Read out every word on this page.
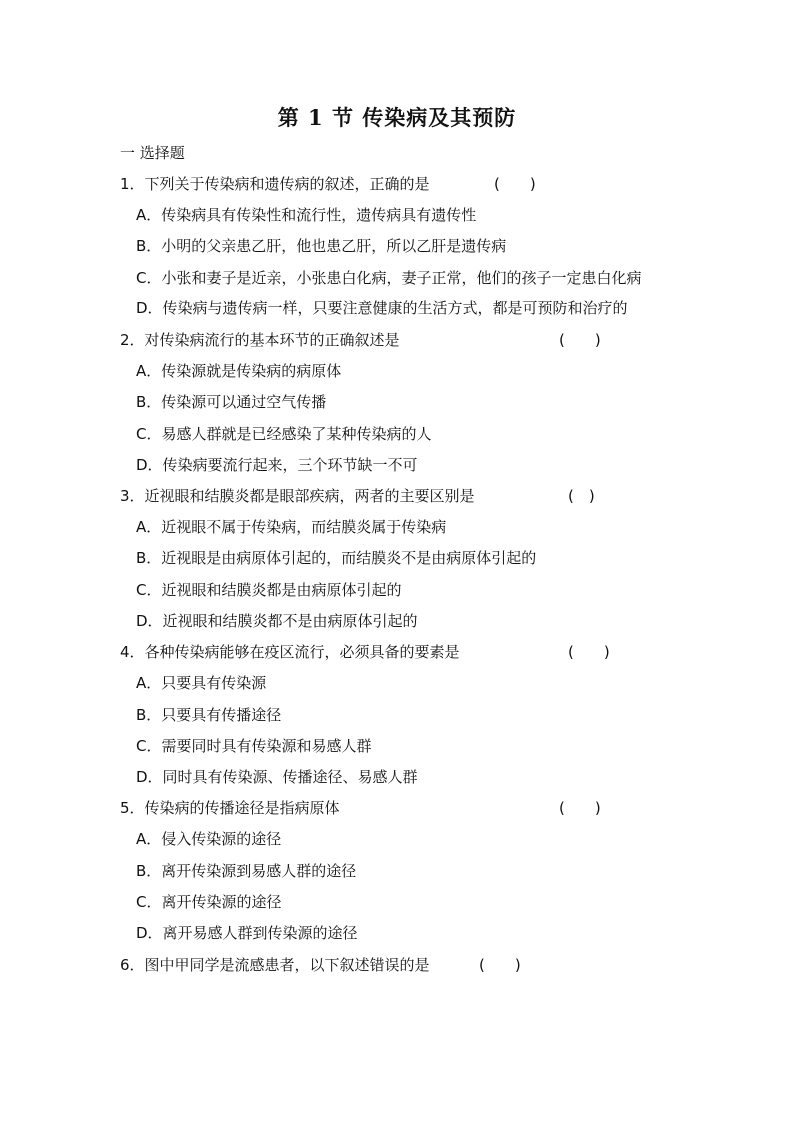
第 1 节 传染病及其预防
一 选择题
1．下列关于传染病和遗传病的叙述，正确的是	(　　)
A．传染病具有传染性和流行性，遗传病具有遗传性
B．小明的父亲患乙肝，他也患乙肝，所以乙肝是遗传病
C．小张和妻子是近亲，小张患白化病，妻子正常，他们的孩子一定患白化病
D．传染病与遗传病一样，只要注意健康的生活方式，都是可预防和治疗的
2．对传染病流行的基本环节的正确叙述是	(　　)
A．传染源就是传染病的病原体
B．传染源可以通过空气传播
C．易感人群就是已经感染了某种传染病的人
D．传染病要流行起来，三个环节缺一不可
3．近视眼和结膜炎都是眼部疾病，两者的主要区别是	(　)
A．近视眼不属于传染病，而结膜炎属于传染病
B．近视眼是由病原体引起的，而结膜炎不是由病原体引起的
C．近视眼和结膜炎都是由病原体引起的
D．近视眼和结膜炎都不是由病原体引起的
4．各种传染病能够在疫区流行，必须具备的要素是	(　　)
A．只要具有传染源
B．只要具有传播途径
C．需要同时具有传染源和易感人群
D．同时具有传染源、传播途径、易感人群
5．传染病的传播途径是指病原体	(　　)
A．侵入传染源的途径
B．离开传染源到易感人群的途径
C．离开传染源的途径
D．离开易感人群到传染源的途径
6．图中甲同学是流感患者，以下叙述错误的是	(　　)
